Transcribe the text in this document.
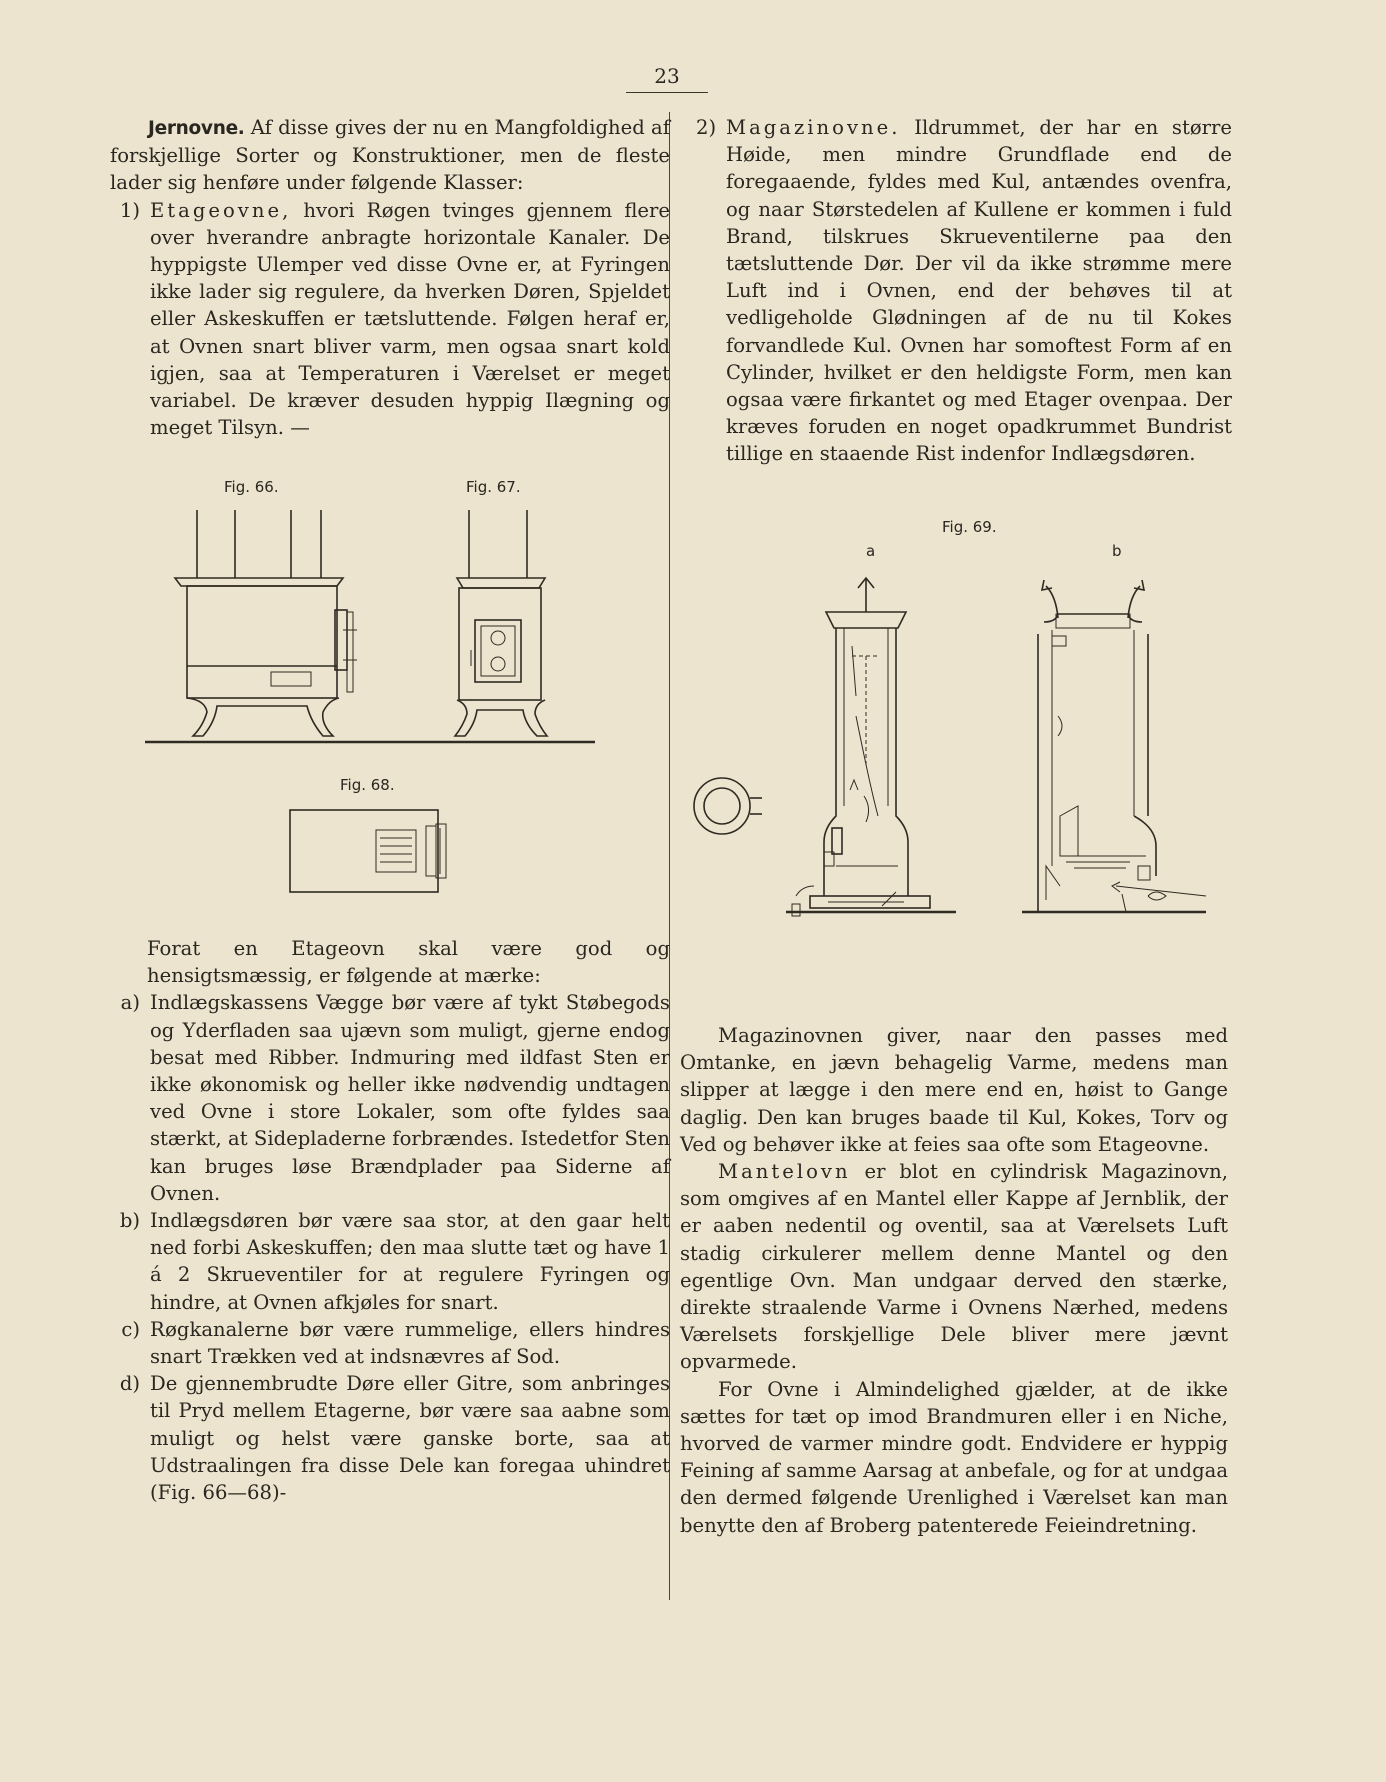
23

Jernovne. Af disse gives der nu en Mangfoldighed af forskjellige Sorter og Konstruktioner, men de fleste lader sig henføre under følgende Klasser:

1) Etageovne, hvori Røgen tvinges gjennem flere over hverandre anbragte horizontale Kanaler. De hyppigste Ulemper ved disse Ovne er, at Fyringen ikke lader sig regulere, da hverken Døren, Spjeldet eller Askeskuffen er tætsluttende. Følgen heraf er, at Ovnen snart bliver varm, men ogsaa snart kold igjen, saa at Temperaturen i Værelset er meget variabel. De kræver desuden hyppig Ilægning og meget Tilsyn. —
Fig. 66.	Fig. 67.
Fig. 68.

Forat en Etageovn skal være god og hensigtsmæssig, er følgende at mærke:

a) Indlægskassens Vægge bør være af tykt Støbegods og Yderfladen saa ujævn som muligt, gjerne endog besat med Ribber. Indmuring med ildfast Sten er ikke økonomisk og heller ikke nødvendig undtagen ved Ovne i store Lokaler, som ofte fyldes saa stærkt, at Sidepladerne forbrændes. Istedetfor Sten kan bruges løse Brændplader paa Siderne af Ovnen.
b) Indlægsdøren bør være saa stor, at den gaar helt ned forbi Askeskuffen; den maa slutte tæt og have 1 á 2 Skrueventiler for at regulere Fyringen og hindre, at Ovnen afkjøles for snart.
c) Røgkanalerne bør være rummelige, ellers hindres snart Trækken ved at indsnævres af Sod.
d) De gjennembrudte Døre eller Gitre, som anbringes til Pryd mellem Etagerne, bør være saa aabne som muligt og helst være ganske borte, saa at Udstraalingen fra disse Dele kan foregaa uhindret (Fig. 66—68)-
2) Magazinovne. Ildrummet, der har en større Høide, men mindre Grundflade end de foregaaende, fyldes med Kul, antændes ovenfra, og naar Størstedelen af Kullene er kommen i fuld Brand, tilskrues Skrueventilerne paa den tætsluttende Dør. Der vil da ikke strømme mere Luft ind i Ovnen, end der behøves til at vedligeholde Glødningen af de nu til Kokes forvandlede Kul. Ovnen har somoftest Form af en Cylinder, hvilket er den heldigste Form, men kan ogsaa være firkantet og med Etager ovenpaa. Der kræves foruden en noget opadkrummet Bundrist tillige en staaende Rist indenfor Indlægsdøren.
Fig. 69.
a	b

Magazinovnen giver, naar den passes med Omtanke, en jævn behagelig Varme, medens man slipper at lægge i den mere end en, høist to Gange daglig. Den kan bruges baade til Kul, Kokes, Torv og Ved og behøver ikke at feies saa ofte som Etageovne.

Mantelovn er blot en cylindrisk Magazinovn, som omgives af en Mantel eller Kappe af Jernblik, der er aaben nedentil og oventil, saa at Værelsets Luft stadig cirkulerer mellem denne Mantel og den egentlige Ovn. Man undgaar derved den stærke, direkte straalende Varme i Ovnens Nærhed, medens Værelsets forskjellige Dele bliver mere jævnt opvarmede.

For Ovne i Almindelighed gjælder, at de ikke sættes for tæt op imod Brandmuren eller i en Niche, hvorved de varmer mindre godt. Endvidere er hyppig Feining af samme Aarsag at anbefale, og for at undgaa den dermed følgende Urenlighed i Værelset kan man benytte den af Broberg patenterede Feieindretning.
